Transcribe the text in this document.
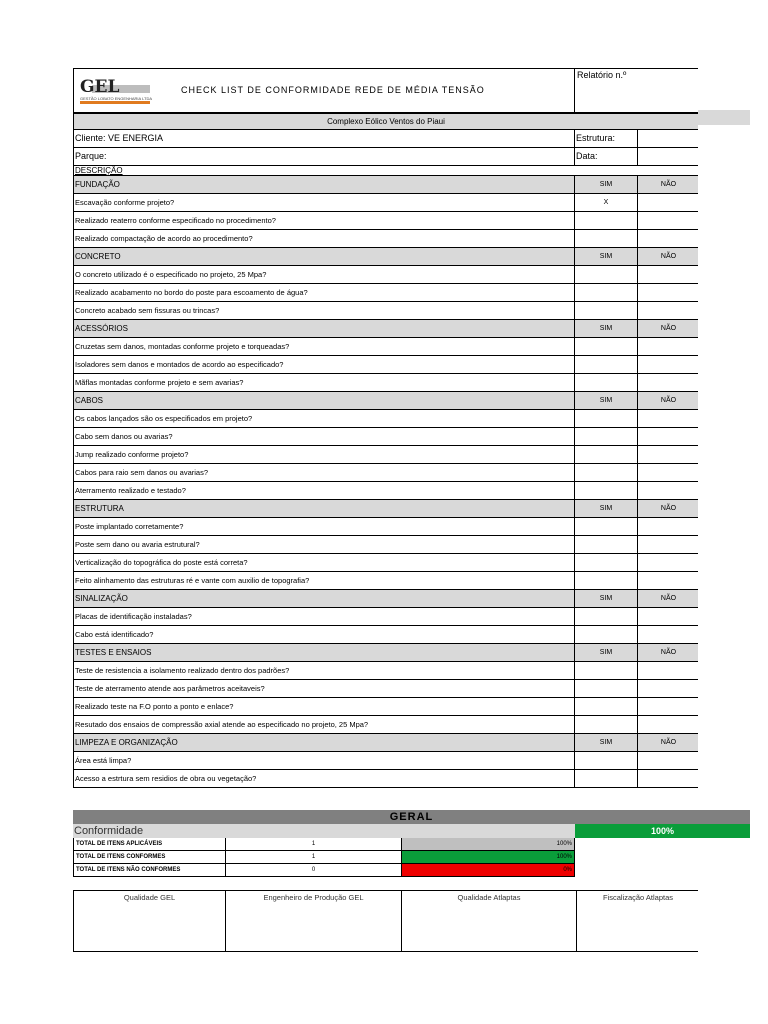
GEL
GESTÃO LOBATO ENGENHARIA LTDA
CHECK LIST DE CONFORMIDADE REDE DE MÉDIA TENSÃO
Relatório n.º
Complexo Eólico Ventos do Piaui
Cliente: VE ENERGIA	Estrutura:
Parque:	Data:
DESCRIÇÃO
FUNDAÇÃO	SIM	NÃO
Escavação conforme projeto?	X
Realizado reaterro conforme especificado no procedimento?
Realizado compactação de acordo ao procedimento?
CONCRETO	SIM	NÃO
O concreto utilizado é o especificado no projeto, 25 Mpa?
Realizado acabamento no bordo do poste para escoamento de água?
Concreto acabado sem fissuras ou trincas?
ACESSÓRIOS	SIM	NÃO
Cruzetas sem danos, montadas conforme projeto e torqueadas?
Isoladores sem danos e montados de acordo ao especificado?
Mãflas montadas conforme projeto e sem avarias?
CABOS	SIM	NÃO
Os cabos lançados são os especificados em projeto?
Cabo sem danos ou avarias?
Jump realizado conforme projeto?
Cabos para raio sem danos ou avarias?
Aterramento realizado e testado?
ESTRUTURA	SIM	NÃO
Poste implantado corretamente?
Poste sem dano ou avaria estrutural?
Verticalização do topográfica do poste está correta?
Feito alinhamento das estruturas ré e vante com auxilio de topografia?
SINALIZAÇÃO	SIM	NÃO
Placas de identificação instaladas?
Cabo está identificado?
TESTES E ENSAIOS	SIM	NÃO
Teste de resistencia a isolamento realizado dentro dos padrões?
Teste de aterramento atende aos parâmetros aceitaveis?
Realizado teste na F.O ponto a ponto e enlace?
Resutado dos ensaios de compressão axial atende ao especificado no projeto, 25 Mpa?
LIMPEZA E ORGANIZAÇÃO	SIM	NÃO
Área está limpa?
Acesso a estrtura sem residios de obra ou vegetação?
GERAL
Conformidade	100%
TOTAL DE ITENS APLICÁVEIS	1	100%
TOTAL DE ITENS CONFORMES	1	100%
TOTAL DE ITENS NÃO CONFORMES	0	0%
Qualidade GEL	Engenheiro de Produção GEL	Qualidade Atlaptas	Fiscalização Atlaptas
